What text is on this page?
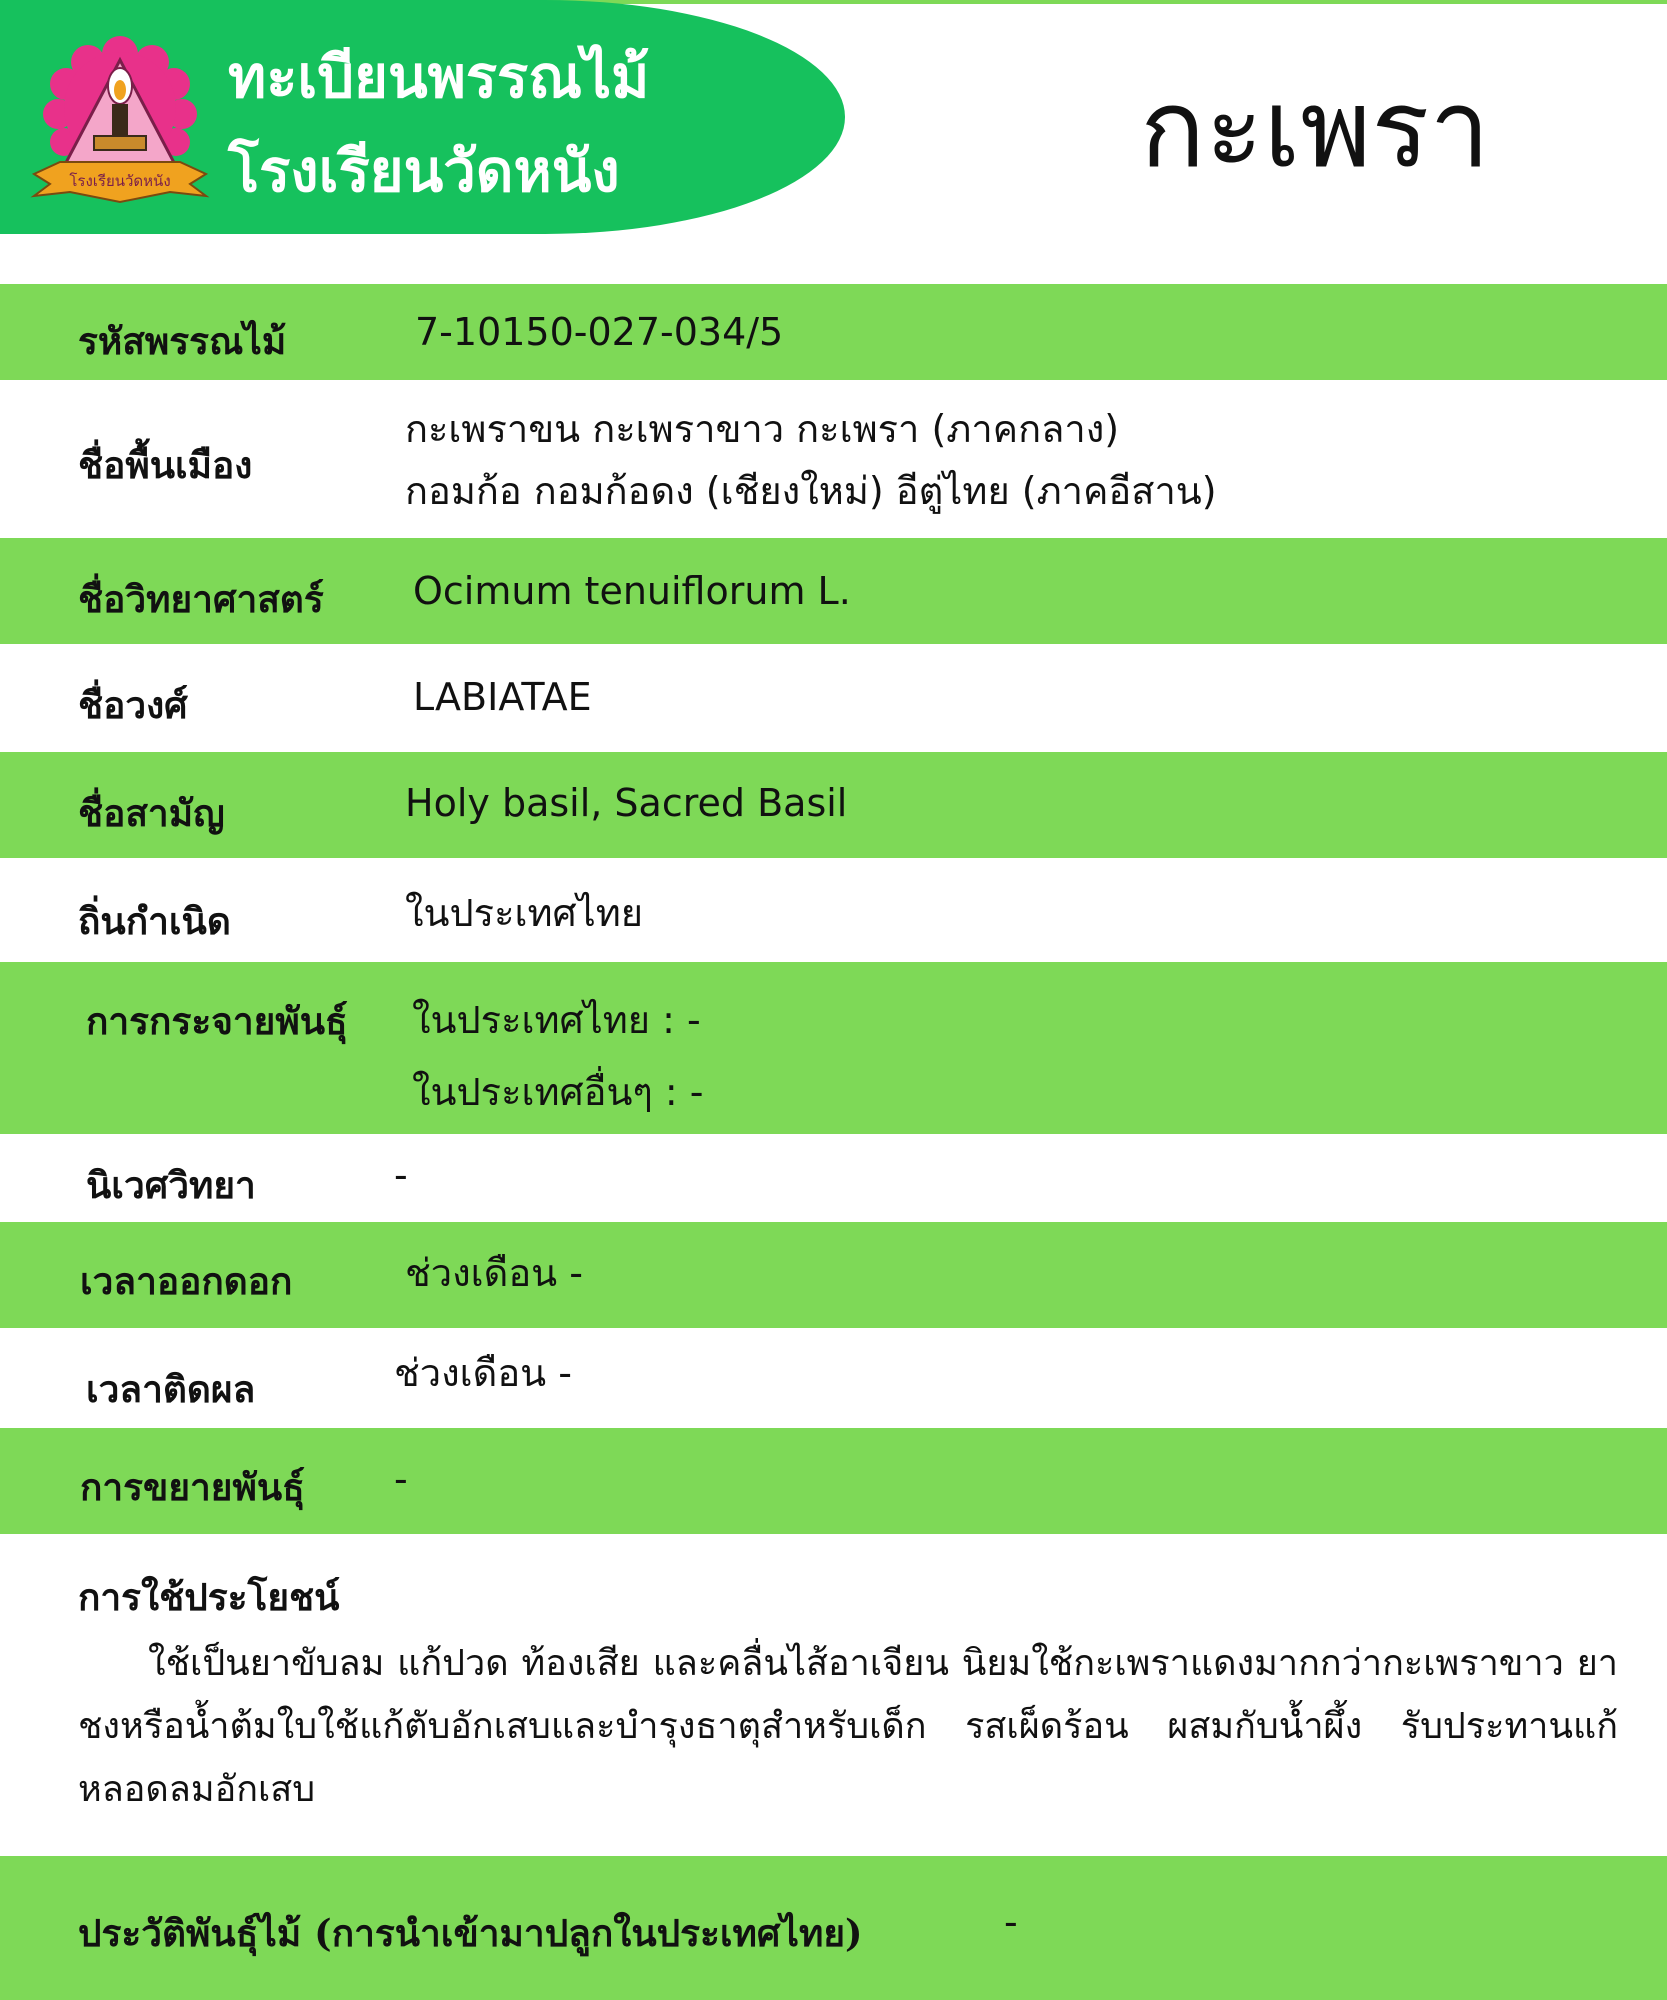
โรงเรียนวัดหนัง
ทะเบียนพรรณไม้
โรงเรียนวัดหนัง	กะเพรา
รหัสพรรณไม้	7-10150-027-034/5
ชื่อพื้นเมือง
กะเพราขน กะเพราขาว กะเพรา (ภาคกลาง)
กอมก้อ กอมก้อดง (เชียงใหม่) อีตู่ไทย (ภาคอีสาน)
ชื่อวิทยาศาสตร์ Ocimum tenuiflorum L.
ชื่อวงศ์	LABIATAE
ชื่อสามัญ	Holy basil, Sacred Basil
ถิ่นกำเนิด	ในประเทศไทย
การกระจายพันธุ์ ในประเทศไทย : -
ในประเทศอื่นๆ : -
นิเวศวิทยา	-
เวลาออกดอก	ช่วงเดือน -
เวลาติดผล	ช่วงเดือน -
การขยายพันธุ์ -
การใช้ประโยชน์

ใช้เป็นยาขับลม แก้ปวด ท้องเสีย และคลื่นไส้อาเจียน นิยมใช้กะเพราแดงมากกว่ากะเพราขาว ยาชงหรือน้ำต้มใบใช้แก้ตับอักเสบและบำรุงธาตุสำหรับเด็ก รสเผ็ดร้อน ผสมกับน้ำผึ้ง รับประทานแก้หลอดลมอักเสบ

ประวัติพันธุ์ไม้ (การนำเข้ามาปลูกในประเทศไทย)	-
